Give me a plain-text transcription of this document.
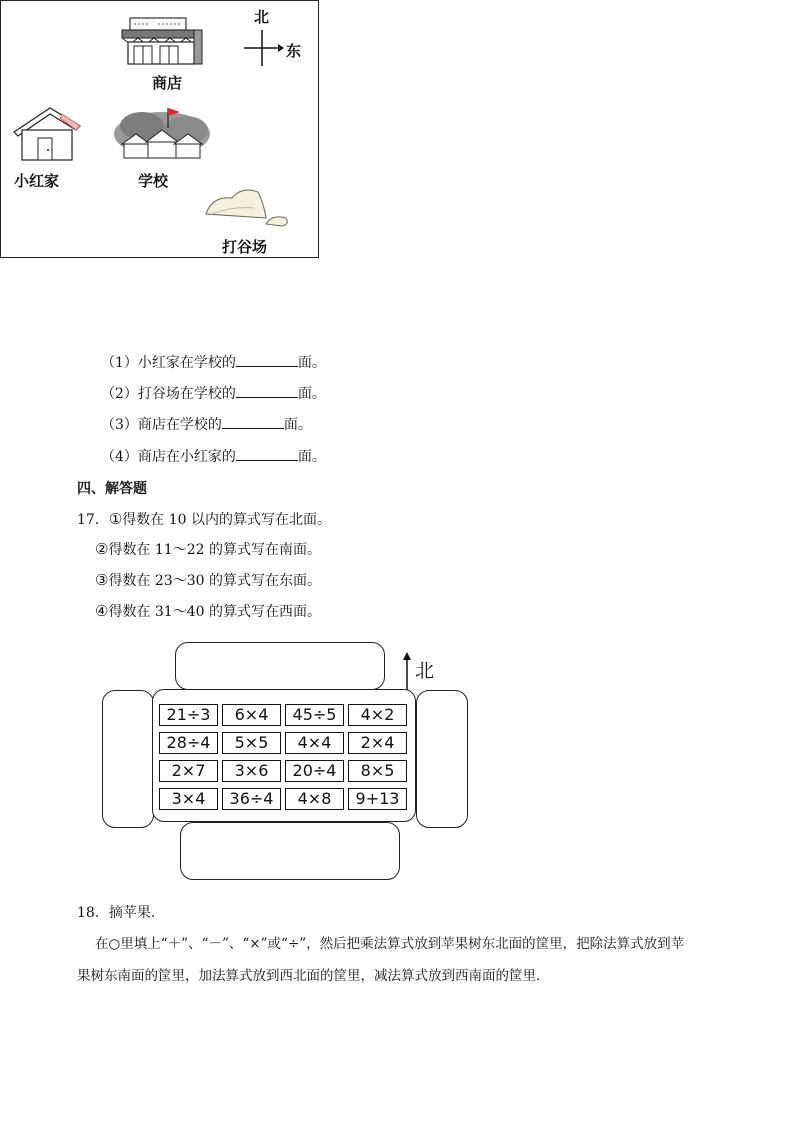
北
东
商店
小红家	学校
打谷场
（1）小红家在学校的	面。
（2）打谷场在学校的	面。
（3）商店在学校的	面。
（4）商店在小红家的	面。
四、解答题
17．①得数在 10 以内的算式写在北面。
②得数在 11～22 的算式写在南面。
③得数在 23～30 的算式写在东面。
④得数在 31～40 的算式写在西面。
北
21÷3	6×4	45÷5	4×2
28÷4	5×5	4×4	2×4
2×7	3×6	20÷4	8×5
3×4	36÷4	4×8	9+13
18．摘苹果．
在○里填上“＋”、“－”、“×”或“÷”，然后把乘法算式放到苹果树东北面的筐里，把除法算式放到苹
果树东南面的筐里，加法算式放到西北面的筐里，减法算式放到西南面的筐里．
